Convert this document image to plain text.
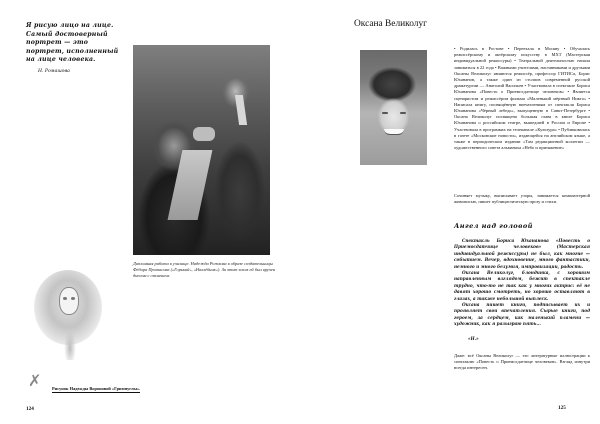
Я рисую лицо на лице. Самый достоверный портрет — это портрет, исполненный на лице человека.
Н. Ромашова
Дипломная работа в училище. Надежда Рожкова в образе создательницы Фёдора Протасова («Горький», «Нахлёбник»). За этот эскиз ей был вручен диплом с отличием.
✗	Рисунок Надежды Вороновой «Гримпуглы».
124
Оксана Великолуг
• Родилась в Ростове • Переехала в Москву • Обучалась режиссёрскому и актёрскому искусству в МХТ (Мастерская индивидуальной режиссуры) • Театральной деятельностью начала заниматься в 22 года • Важными учителями, наставниками и друзьями Оксаны Великолуг являются режиссёр, профессор ГИТИСа, Борис Юхананов, а также один из столпов современной русской драматургии — Анатолий Васильев • Участвовала в спектакле Бориса Юхананова «Повесть о Приемосдатчице человеков» • Является сценаристом и режиссёром фильма «Маленький мёртвый Никто» • Написала книгу, посвящённую впечатлениям от спектакля Бориса Юхананова «Чёрный лебедь», выпущенную в Санкт-Петербурге • Оксана Великолуг посвящена большая глава в книге Бориса Юхананова о российском театре, вышедшей в России и Европе • Участвовала в программах на телеканале «Культура» • Публиковалась в газете «Московские новости», издающейся на английском языке, а также в периодическом издании «Там редакционной коллегии — художественного совета альманаха «Небо и притяжение»
Сочиняет музыку, выписывает узоры, занимается компьютерной живописью, пишет публицистическую прозу и стихи.
Ангел над головой

Спектакль Бориса Юхананова «Повесть о Приемосдатчице человеков» (Мастерская индивидуальной режиссуры) не был, как многие — событием. Вечер, вдохновение, много фантастики, немного и много безумия, импровизации, радость.

Оксана Великолуг, блондинка, с хорошим направленным взглядом, бежит в спектакле трудно, что-то не так как у многих актрис: её не давят хорошо смотреть, но хорошо оставляют в глазах, а также небольшой выплеск.

Оксана пишет книги, подписывает их и проявляет свои впечатления. Сырые книги, под героем, за сердцем, как маленький пламени — художник, как я разыграю пять...

«Н.»
Даже: всё Оксаны Великолуг — это литературные иллюстрации к спектаклю «Повесть о Приемосдатчице человеков». Взгляд изнутри всегда интересен.
125
